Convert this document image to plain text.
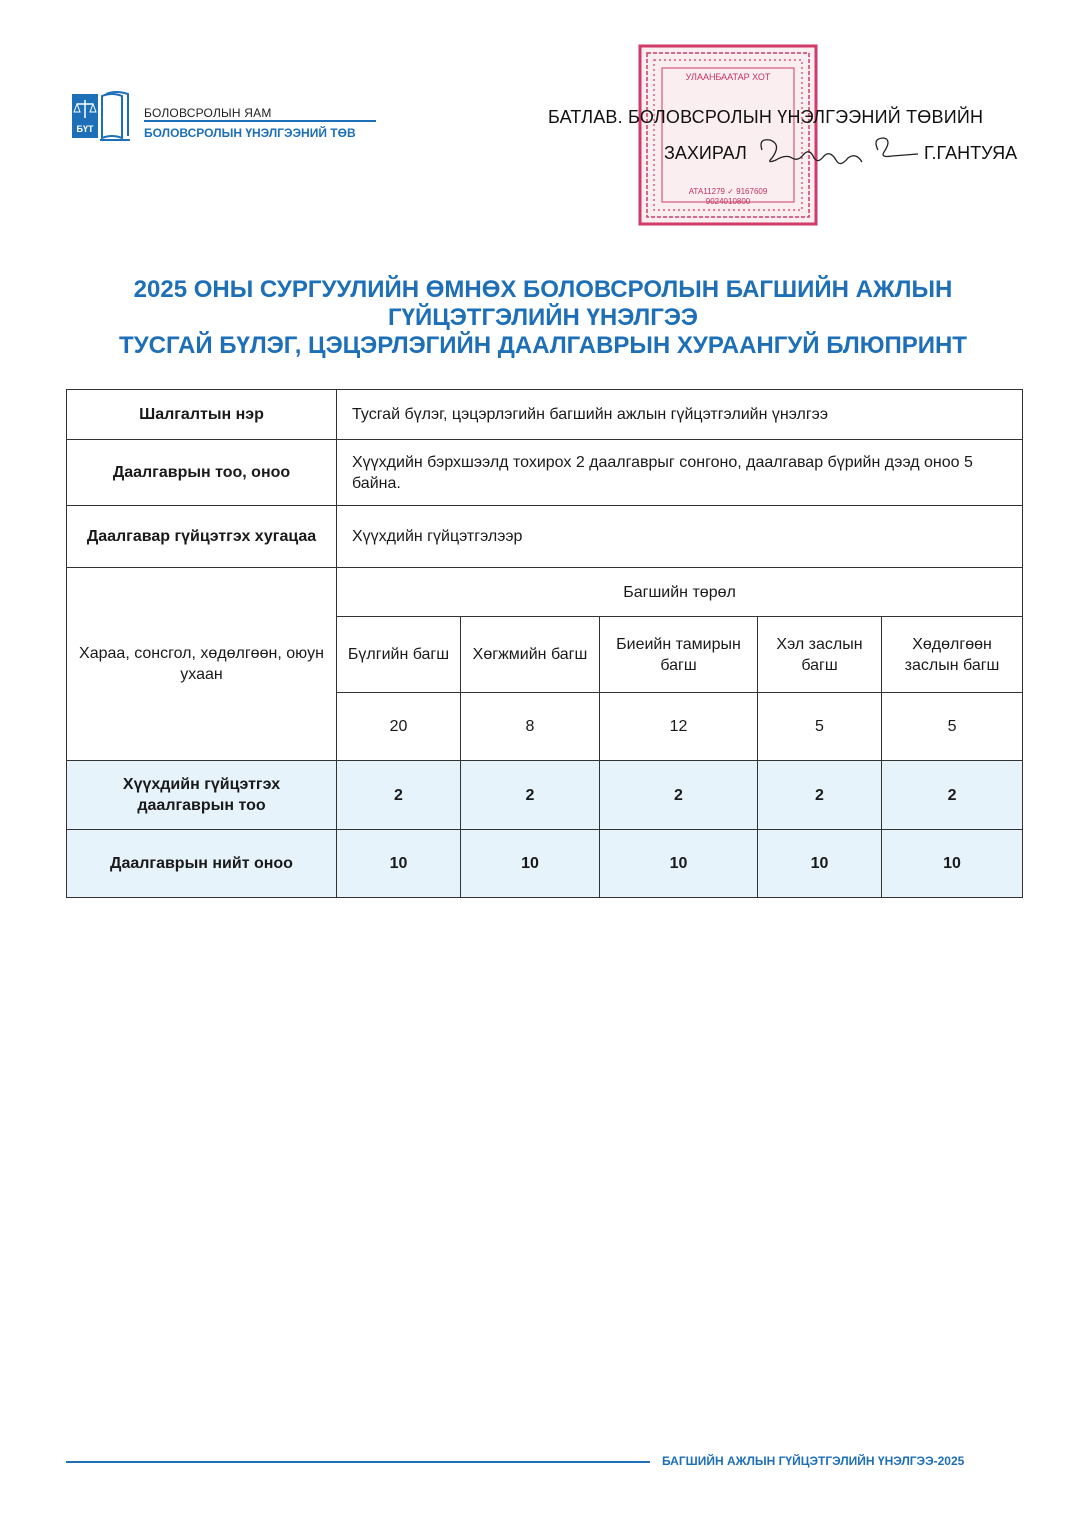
БҮТ
БОЛОВСРОЛЫН ЯАМ
БОЛОВСРОЛЫН ҮНЭЛГЭЭНИЙ ТӨВ
УЛААНБААТАР ХОТ
АТА11279 ✓ 9167609
9024010800
БАТЛАВ. БОЛОВСРОЛЫН ҮНЭЛГЭЭНИЙ ТӨВИЙН
ЗАХИРАЛ	Г.ГАНТУЯА
2025 ОНЫ СУРГУУЛИЙН ӨМНӨХ БОЛОВСРОЛЫН БАГШИЙН АЖЛЫН
ГҮЙЦЭТГЭЛИЙН ҮНЭЛГЭЭ
ТУСГАЙ БҮЛЭГ, ЦЭЦЭРЛЭГИЙН ДААЛГАВРЫН ХУРААНГУЙ БЛЮПРИНТ
Шалгалтын нэр	Тусгай бүлэг, цэцэрлэгийн багшийн ажлын гүйцэтгэлийн үнэлгээ				
Даалгаврын тоо, оноо	Хүүхдийн бэрхшээлд тохирох 2 даалгаврыг сонгоно, даалгавар бүрийн дээд оноо 5 байна.				
Даалгавар гүйцэтгэх хугацаа	Хүүхдийн гүйцэтгэлээр				
Хараа, сонсгол, хөдөлгөөн, оюун ухаан	Багшийн төрөл				
	Бүлгийн багш	Хөгжмийн багш	Биеийн тамирын багш	Хэл заслын багш	Хөдөлгөөн заслын багш
	20	8	12	5	5
Хүүхдийн гүйцэтгэх даалгаврын тоо	2	2	2	2	2
Даалгаврын нийт оноо	10	10	10	10	10
БАГШИЙН АЖЛЫН ГҮЙЦЭТГЭЛИЙН ҮНЭЛГЭЭ-2025
